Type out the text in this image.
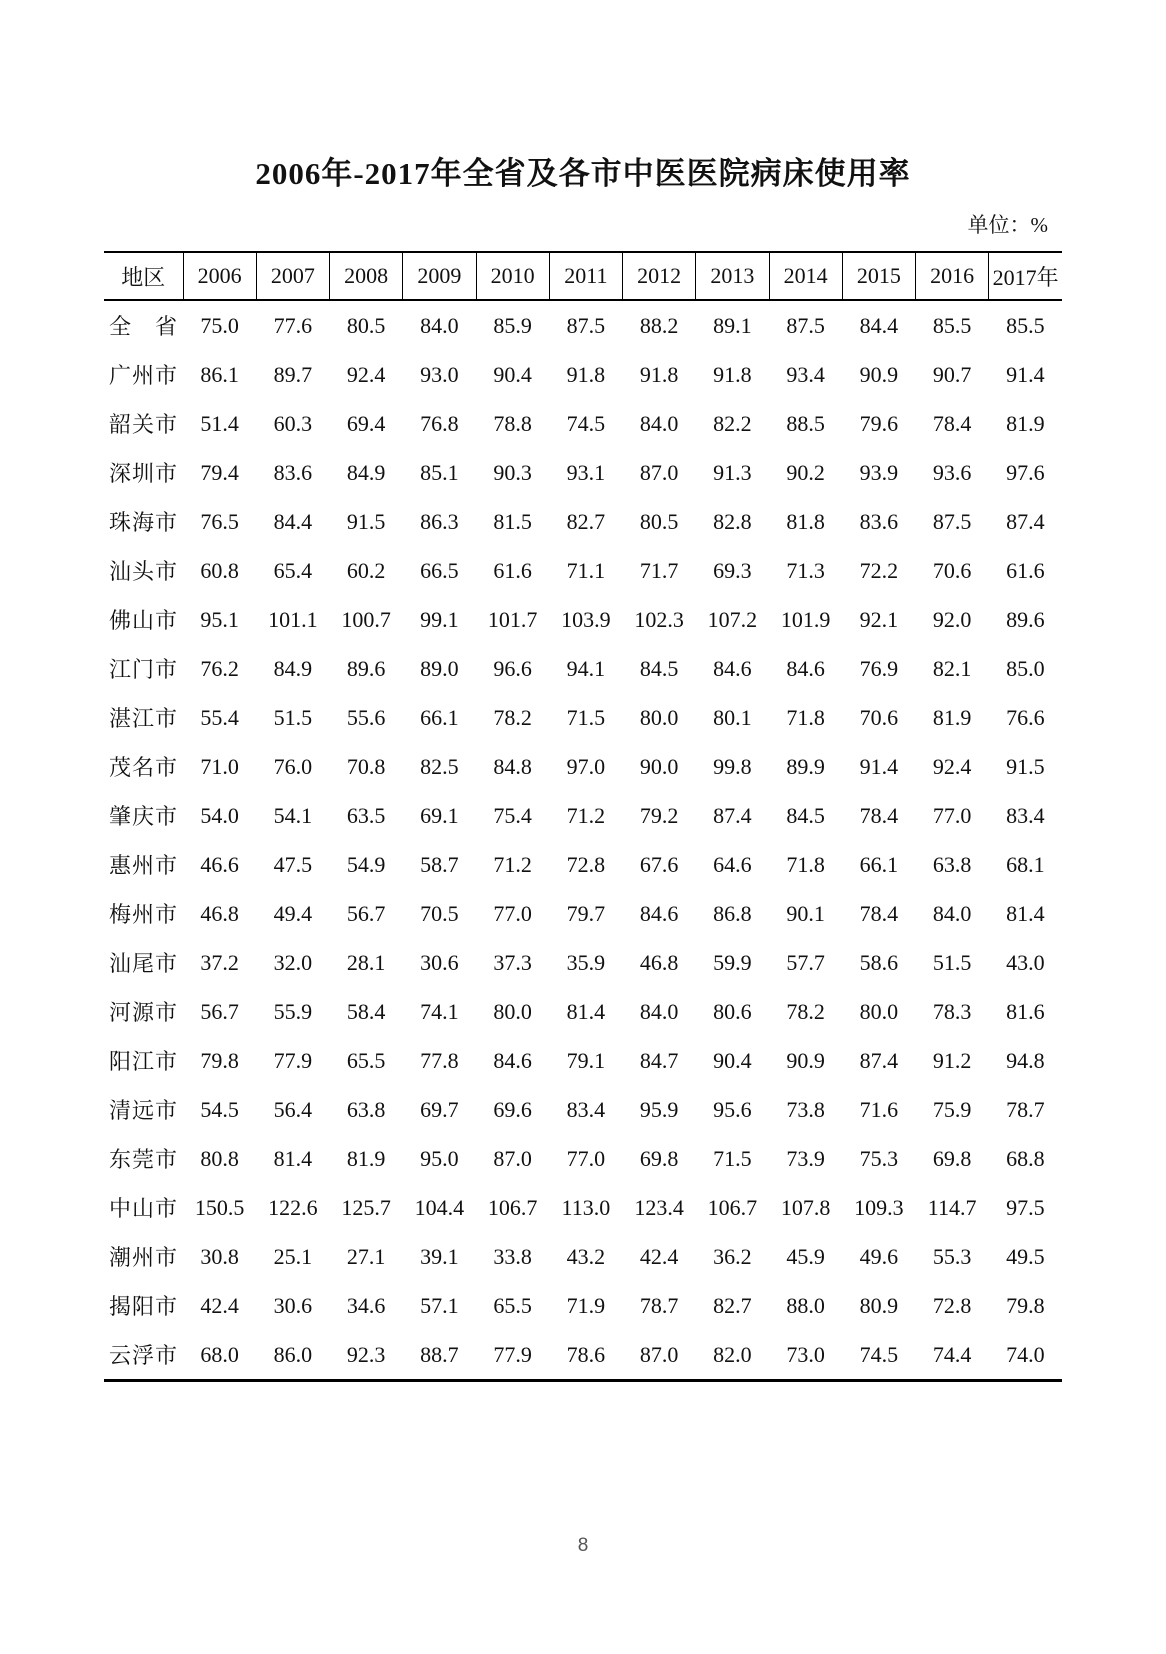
2006年-2017年全省及各市中医医院病床使用率
单位：%
地区	2006	2007	2008	2009	2010	2011	2012	2013	2014	2015	2016	2017年
全　省	75.0	77.6	80.5	84.0	85.9	87.5	88.2	89.1	87.5	84.4	85.5	85.5
广州市	86.1	89.7	92.4	93.0	90.4	91.8	91.8	91.8	93.4	90.9	90.7	91.4
韶关市	51.4	60.3	69.4	76.8	78.8	74.5	84.0	82.2	88.5	79.6	78.4	81.9
深圳市	79.4	83.6	84.9	85.1	90.3	93.1	87.0	91.3	90.2	93.9	93.6	97.6
珠海市	76.5	84.4	91.5	86.3	81.5	82.7	80.5	82.8	81.8	83.6	87.5	87.4
汕头市	60.8	65.4	60.2	66.5	61.6	71.1	71.7	69.3	71.3	72.2	70.6	61.6
佛山市	95.1	101.1	100.7	99.1	101.7	103.9	102.3	107.2	101.9	92.1	92.0	89.6
江门市	76.2	84.9	89.6	89.0	96.6	94.1	84.5	84.6	84.6	76.9	82.1	85.0
湛江市	55.4	51.5	55.6	66.1	78.2	71.5	80.0	80.1	71.8	70.6	81.9	76.6
茂名市	71.0	76.0	70.8	82.5	84.8	97.0	90.0	99.8	89.9	91.4	92.4	91.5
肇庆市	54.0	54.1	63.5	69.1	75.4	71.2	79.2	87.4	84.5	78.4	77.0	83.4
惠州市	46.6	47.5	54.9	58.7	71.2	72.8	67.6	64.6	71.8	66.1	63.8	68.1
梅州市	46.8	49.4	56.7	70.5	77.0	79.7	84.6	86.8	90.1	78.4	84.0	81.4
汕尾市	37.2	32.0	28.1	30.6	37.3	35.9	46.8	59.9	57.7	58.6	51.5	43.0
河源市	56.7	55.9	58.4	74.1	80.0	81.4	84.0	80.6	78.2	80.0	78.3	81.6
阳江市	79.8	77.9	65.5	77.8	84.6	79.1	84.7	90.4	90.9	87.4	91.2	94.8
清远市	54.5	56.4	63.8	69.7	69.6	83.4	95.9	95.6	73.8	71.6	75.9	78.7
东莞市	80.8	81.4	81.9	95.0	87.0	77.0	69.8	71.5	73.9	75.3	69.8	68.8
中山市	150.5	122.6	125.7	104.4	106.7	113.0	123.4	106.7	107.8	109.3	114.7	97.5
潮州市	30.8	25.1	27.1	39.1	33.8	43.2	42.4	36.2	45.9	49.6	55.3	49.5
揭阳市	42.4	30.6	34.6	57.1	65.5	71.9	78.7	82.7	88.0	80.9	72.8	79.8
云浮市	68.0	86.0	92.3	88.7	77.9	78.6	87.0	82.0	73.0	74.5	74.4	74.0
8
